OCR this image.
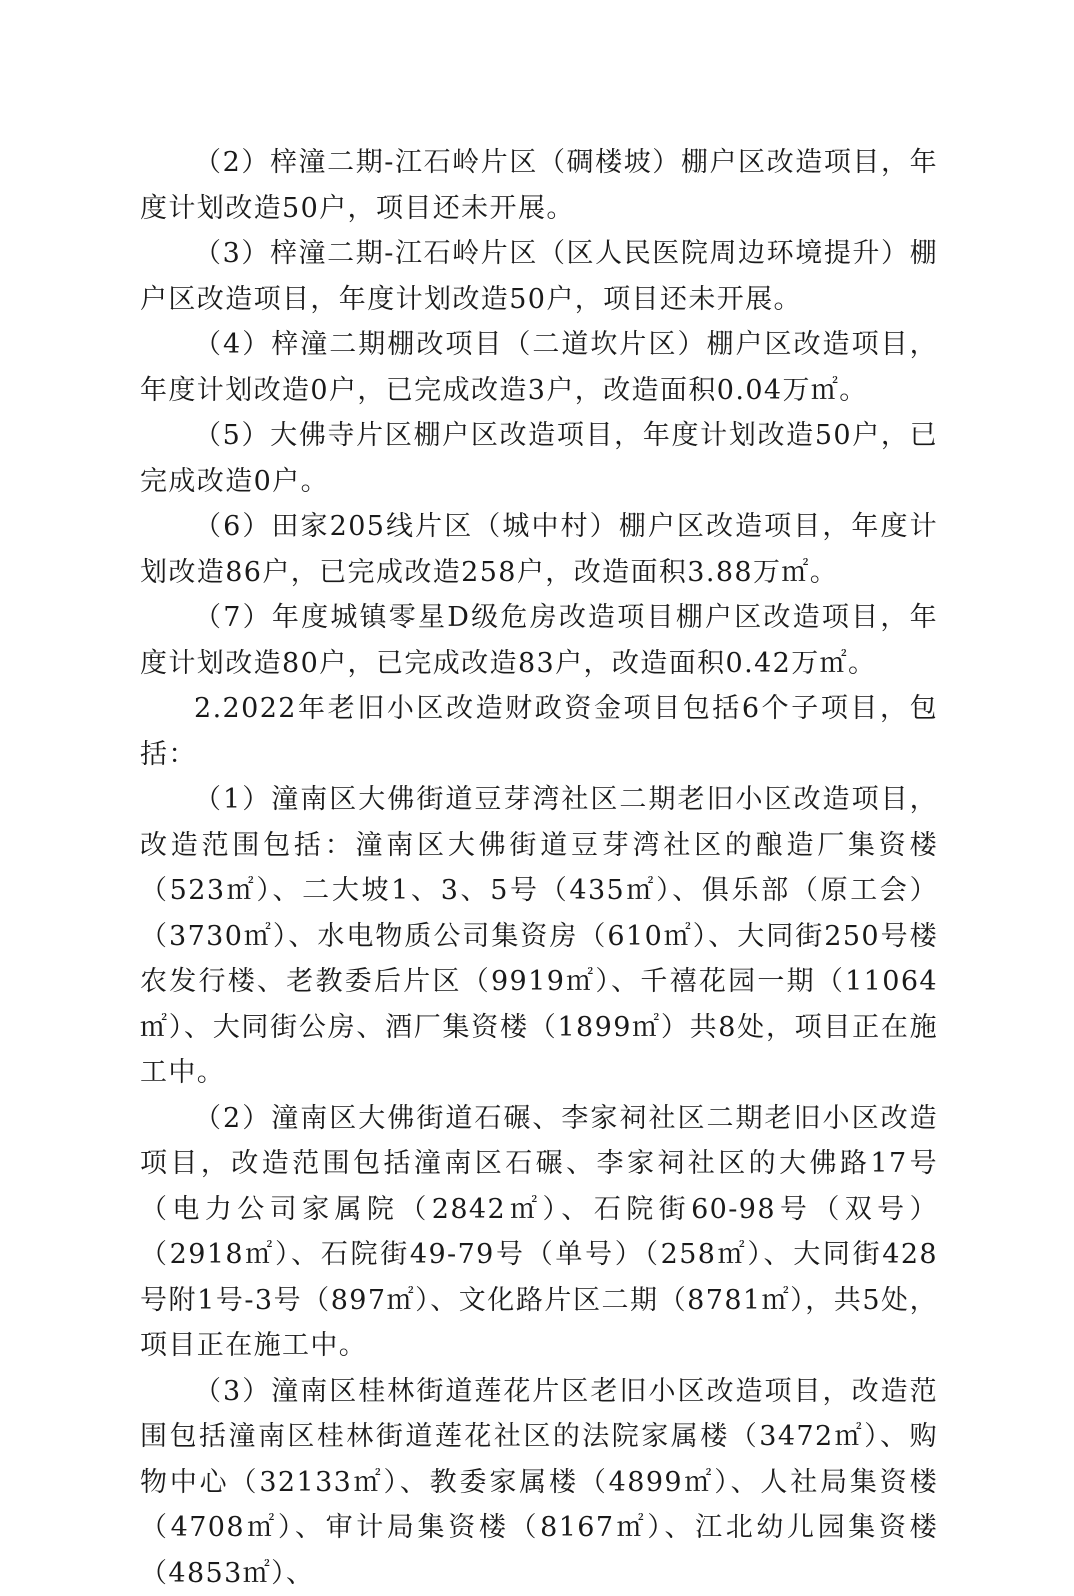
（2）梓潼二期-江石岭片区（碉楼坡）棚户区改造项目，年度计划改造50户，项目还未开展。

（3）梓潼二期-江石岭片区（区人民医院周边环境提升）棚户区改造项目，年度计划改造50户，项目还未开展。

（4）梓潼二期棚改项目（二道坎片区）棚户区改造项目，年度计划改造0户，已完成改造3户，改造面积0.04万㎡。

（5）大佛寺片区棚户区改造项目，年度计划改造50户，已完成改造0户。

（6）田家205线片区（城中村）棚户区改造项目，年度计划改造86户，已完成改造258户，改造面积3.88万㎡。

（7）年度城镇零星D级危房改造项目棚户区改造项目，年度计划改造80户，已完成改造83户，改造面积0.42万㎡。

2.2022年老旧小区改造财政资金项目包括6个子项目，包括：

（1）潼南区大佛街道豆芽湾社区二期老旧小区改造项目，改造范围包括：潼南区大佛街道豆芽湾社区的酿造厂集资楼（523㎡）、二大坡1、3、5号（435㎡）、俱乐部（原工会）（3730㎡）、水电物质公司集资房（610㎡）、大同街250号楼农发行楼、老教委后片区（9919㎡）、千禧花园一期（11064㎡）、大同街公房、酒厂集资楼（1899㎡）共8处，项目正在施工中。

（2）潼南区大佛街道石碾、李家祠社区二期老旧小区改造项目，改造范围包括潼南区石碾、李家祠社区的大佛路17号（电力公司家属院（2842㎡）、石院街60-98号（双号）（2918㎡）、石院街49-79号（单号）（258㎡）、大同街428号附1号-3号（897㎡）、文化路片区二期（8781㎡），共5处，项目正在施工中。

（3）潼南区桂林街道莲花片区老旧小区改造项目，改造范围包括潼南区桂林街道莲花社区的法院家属楼（3472㎡）、购物中心（32133㎡）、教委家属楼（4899㎡）、人社局集资楼（4708㎡）、审计局集资楼（8167㎡）、江北幼儿园集资楼（4853㎡）、
